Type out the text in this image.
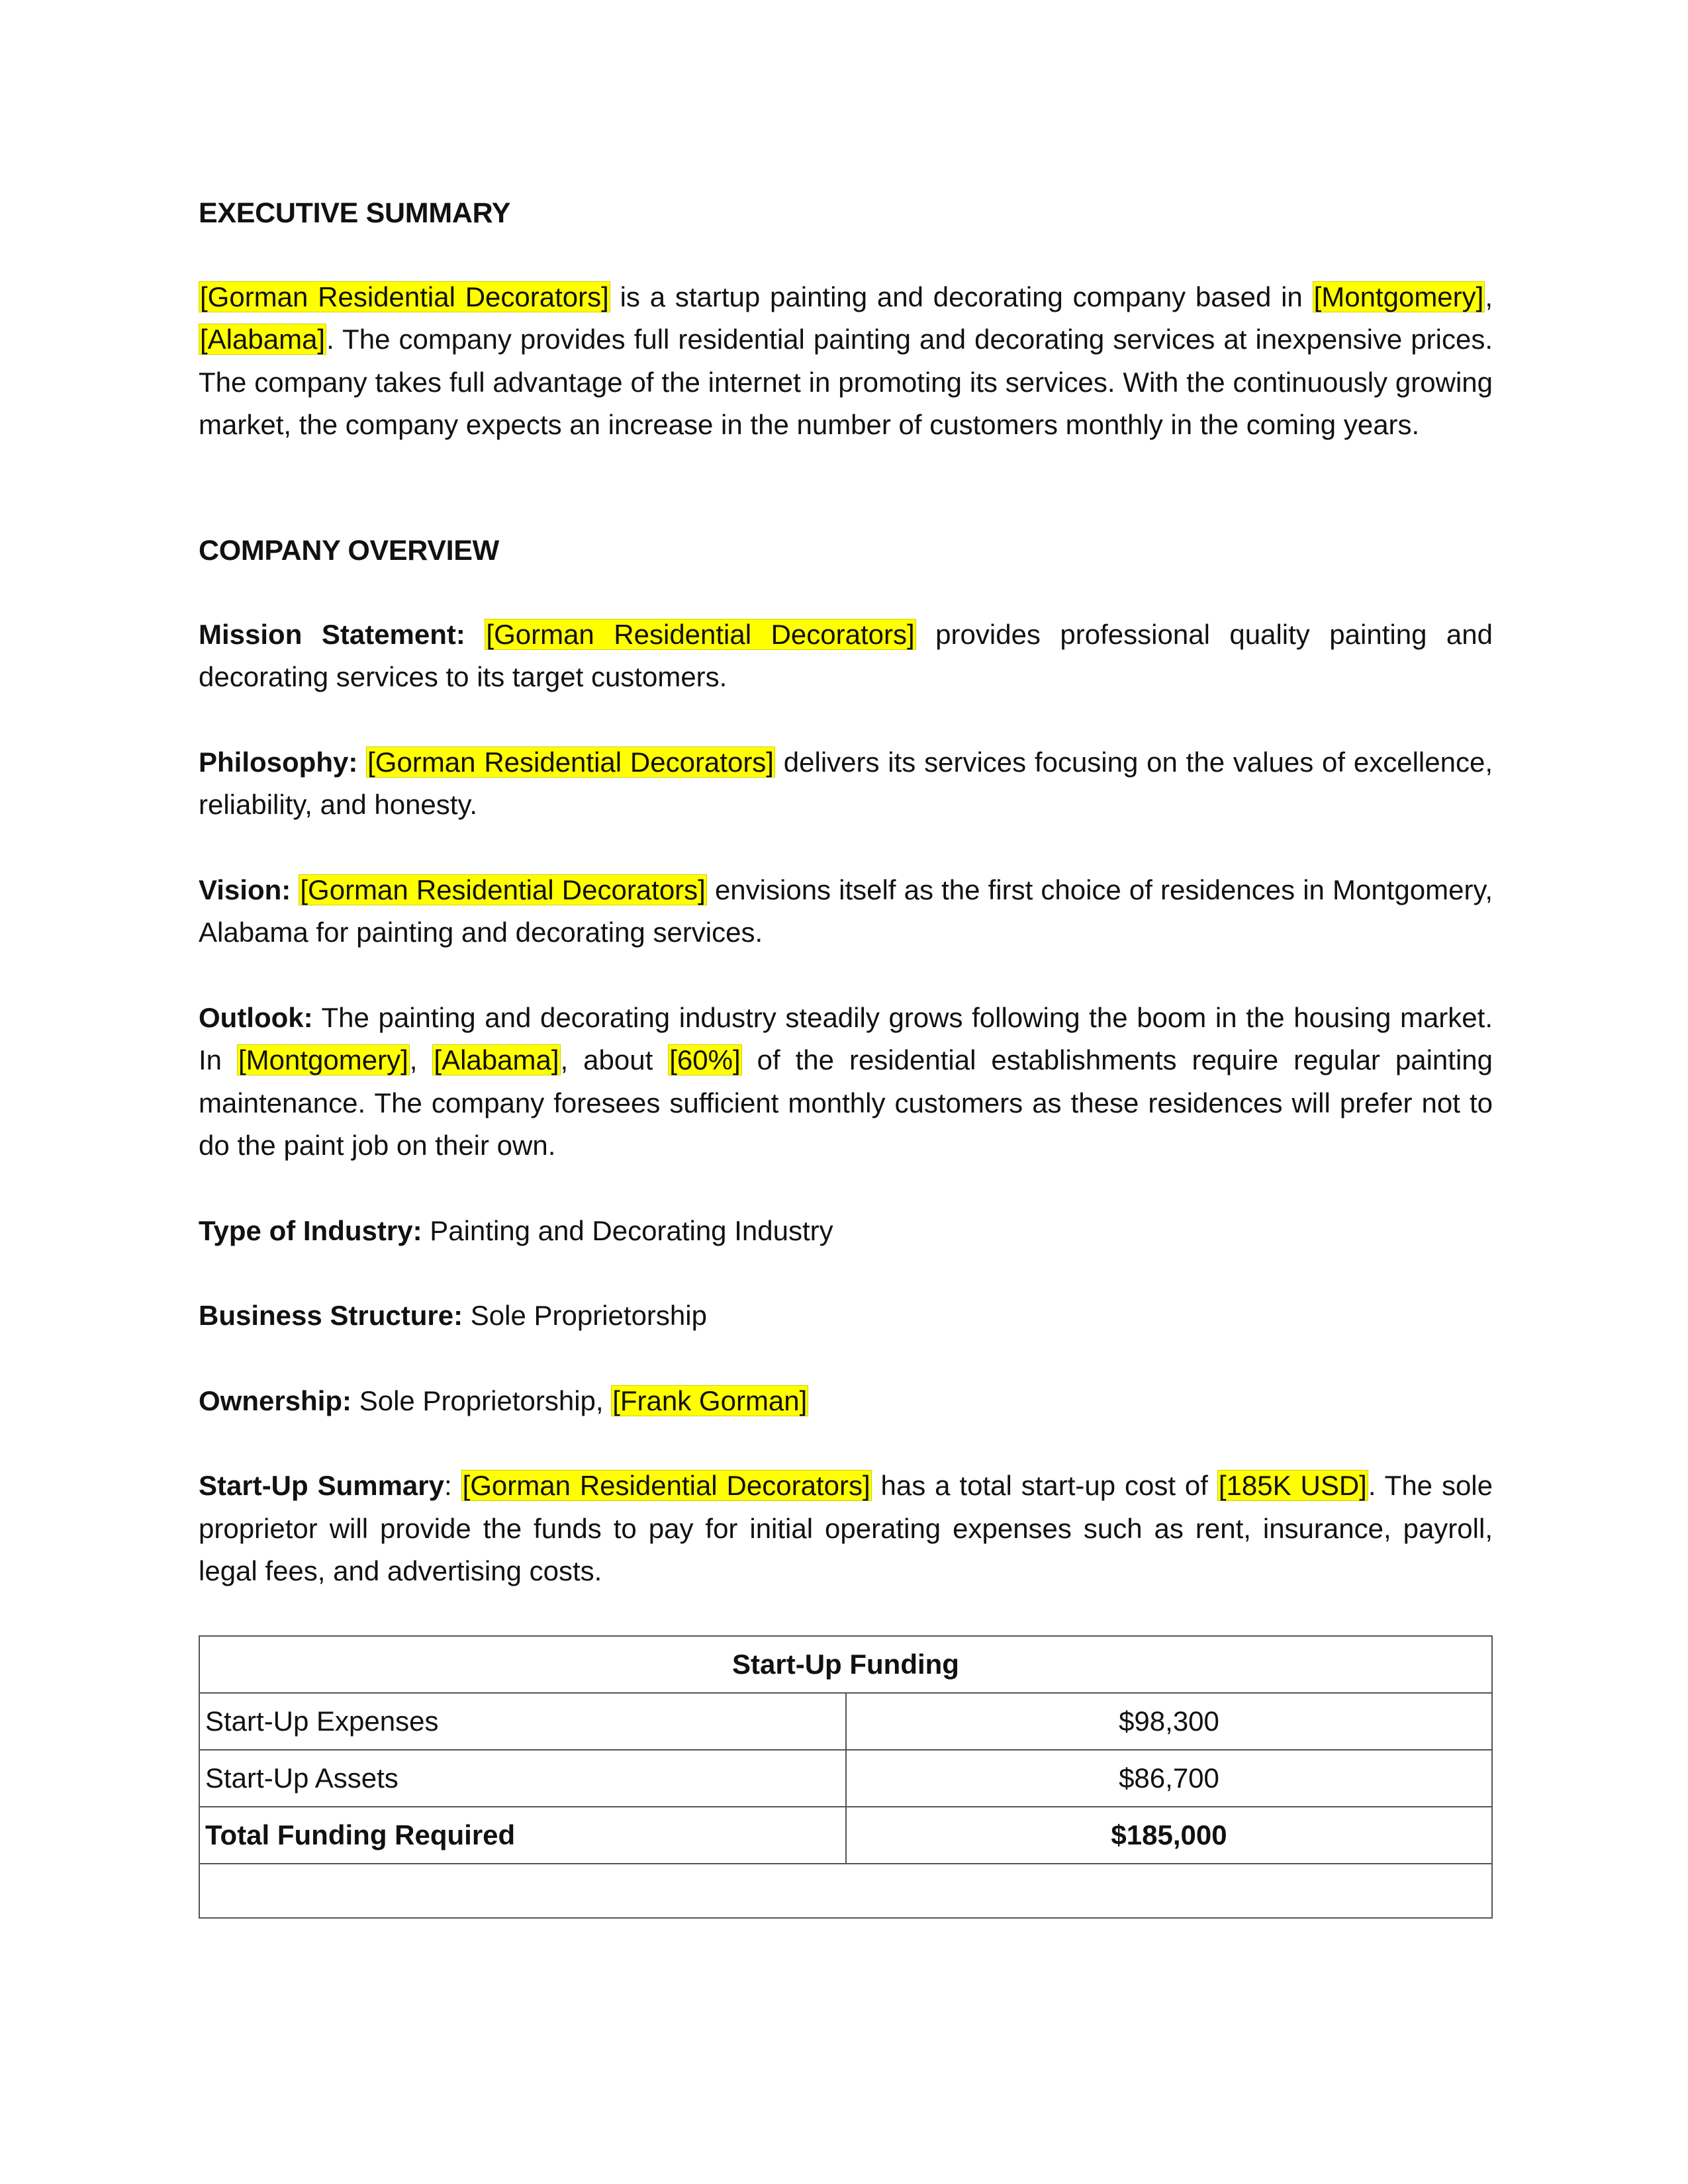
EXECUTIVE SUMMARY

[Gorman Residential Decorators] is a startup painting and decorating company based in [Montgomery], [Alabama]. The company provides full residential painting and decorating services at inexpensive prices. The company takes full advantage of the internet in promoting its services. With the continuously growing market, the company expects an increase in the number of customers monthly in the coming years.

COMPANY OVERVIEW

Mission Statement: [Gorman Residential Decorators] provides professional quality painting and decorating services to its target customers.

Philosophy: [Gorman Residential Decorators] delivers its services focusing on the values of excellence, reliability, and honesty.

Vision: [Gorman Residential Decorators] envisions itself as the first choice of residences in Montgomery, Alabama for painting and decorating services.

Outlook: The painting and decorating industry steadily grows following the boom in the housing market. In [Montgomery], [Alabama], about [60%] of the residential establishments require regular painting maintenance. The company foresees sufficient monthly customers as these residences will prefer not to do the paint job on their own.

Type of Industry: Painting and Decorating Industry

Business Structure: Sole Proprietorship

Ownership: Sole Proprietorship, [Frank Gorman]

Start-Up Summary: [Gorman Residential Decorators] has a total start-up cost of [185K USD]. The sole proprietor will provide the funds to pay for initial operating expenses such as rent, insurance, payroll, legal fees, and advertising costs.

Start-Up Funding	
Start-Up Expenses	$98,300
Start-Up Assets	$86,700
Total Funding Required	$185,000
